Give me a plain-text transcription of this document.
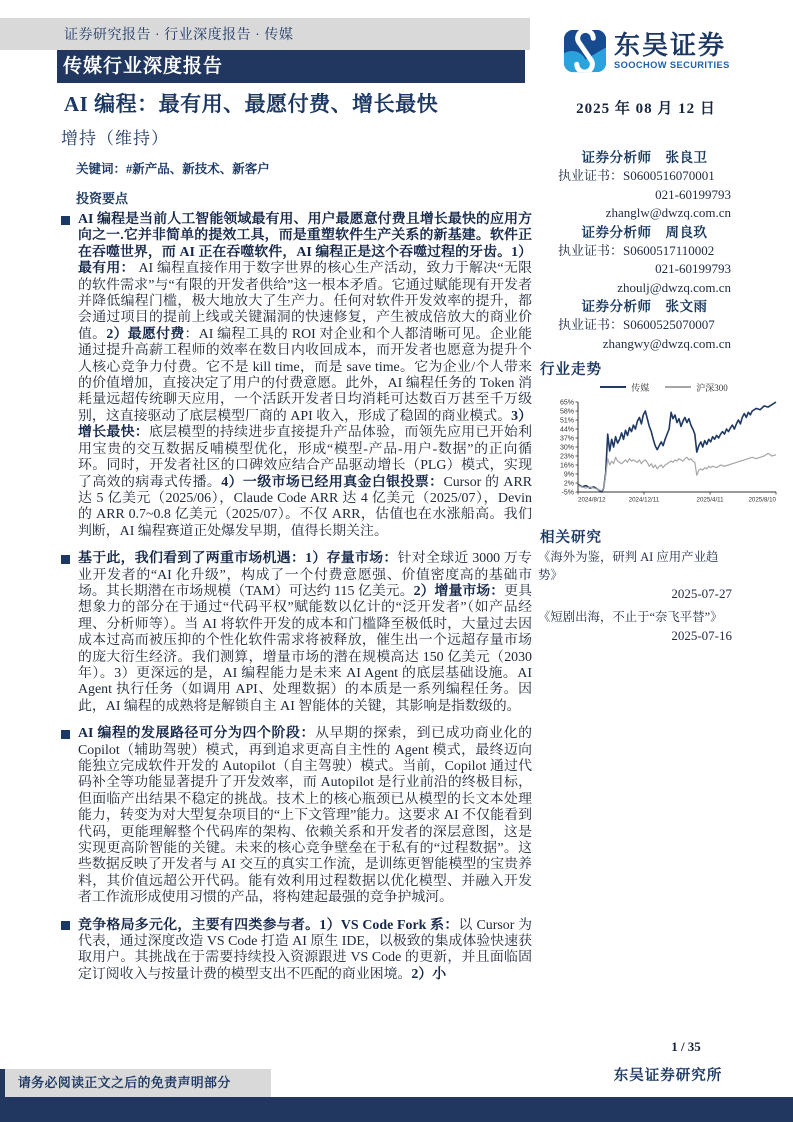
证券研究报告 · 行业深度报告 · 传媒
传媒行业深度报告
AI 编程：最有用、最愿付费、增长最快
增持（维持）
关键词：#新产品、新技术、新客户
投资要点
东吴证券
SOOCHOW SECURITIES
2025 年 08 月 12 日
证券分析师　张良卫
执业证书：S0600516070001
021-60199793
zhanglw@dwzq.com.cn
证券分析师　周良玖
执业证书：S0600517110002
021-60199793
zhoulj@dwzq.com.cn
证券分析师　张文雨
执业证书：S0600525070007
zhangwy@dwzq.com.cn
行业走势
传媒	沪深300
65%
58%
51%
44%
37%
30%
23%
16%
9%
2%
-5%
2024/8/12	2024/12/11	2025/4/11	2025/8/10
相关研究
《海外为鉴，研判 AI 应用产业趋势》
2025-07-27
《短剧出海，不止于“奈飞平替”》
2025-07-16

AI 编程是当前人工智能领域最有用、用户最愿意付费且增长最快的应用方向之一.它并非简单的提效工具，而是重塑软件生产关系的新基建。软件正在吞噬世界，而 AI 正在吞噬软件，AI 编程正是这个吞噬过程的牙齿。1）最有用： AI 编程直接作用于数字世界的核心生产活动，致力于解决“无限的软件需求”与“有限的开发者供给”这一根本矛盾。它通过赋能现有开发者并降低编程门槛，极大地放大了生产力。任何对软件开发效率的提升，都会通过项目的提前上线或关键漏洞的快速修复，产生被成倍放大的商业价值。2）最愿付费：AI 编程工具的 ROI 对企业和个人都清晰可见。企业能通过提升高薪工程师的效率在数日内收回成本，而开发者也愿意为提升个人核心竞争力付费。它不是 kill time，而是 save time。它为企业/个人带来的价值增加，直接决定了用户的付费意愿。此外，AI 编程任务的 Token 消耗量远超传统聊天应用，一个活跃开发者日均消耗可达数百万甚至千万级别，这直接驱动了底层模型厂商的 API 收入，形成了稳固的商业模式。3）增长最快：底层模型的持续进步直接提升产品体验，而领先应用已开始利用宝贵的交互数据反哺模型优化，形成“模型-产品-用户-数据”的正向循环。同时，开发者社区的口碑效应结合产品驱动增长（PLG）模式，实现了高效的病毒式传播。4）一级市场已经用真金白银投票：Cursor 的 ARR 达 5 亿美元（2025/06），Claude Code ARR 达 4 亿美元（2025/07），Devin 的 ARR 0.7~0.8 亿美元（2025/07）。不仅 ARR，估值也在水涨船高。我们判断，AI 编程赛道正处爆发早期，值得长期关注。

基于此，我们看到了两重市场机遇：1）存量市场：针对全球近 3000 万专业开发者的“AI 化升级”，构成了一个付费意愿强、价值密度高的基础市场。其长期潜在市场规模（TAM）可达约 115 亿美元。2）增量市场：更具想象力的部分在于通过“代码平权”赋能数以亿计的“泛开发者”（如产品经理、分析师等）。当 AI 将软件开发的成本和门槛降至极低时，大量过去因成本过高而被压抑的个性化软件需求将被释放，催生出一个远超存量市场的庞大衍生经济。我们测算，增量市场的潜在规模高达 150 亿美元（2030 年）。3）更深远的是，AI 编程能力是未来 AI Agent 的底层基础设施。AI Agent 执行任务（如调用 API、处理数据）的本质是一系列编程任务。因此，AI 编程的成熟将是解锁自主 AI 智能体的关键，其影响是指数级的。

AI 编程的发展路径可分为四个阶段：从早期的探索，到已成功商业化的 Copilot（辅助驾驶）模式，再到追求更高自主性的 Agent 模式，最终迈向能独立完成软件开发的 Autopilot（自主驾驶）模式。当前，Copilot 通过代码补全等功能显著提升了开发效率，而 Autopilot 是行业前沿的终极目标，但面临产出结果不稳定的挑战。技术上的核心瓶颈已从模型的长文本处理能力，转变为对大型复杂项目的“上下文管理”能力。这要求 AI 不仅能看到代码，更能理解整个代码库的架构、依赖关系和开发者的深层意图，这是实现更高阶智能的关键。未来的核心竞争壁垒在于私有的“过程数据”。这些数据反映了开发者与 AI 交互的真实工作流，是训练更智能模型的宝贵养料，其价值远超公开代码。能有效利用过程数据以优化模型、并融入开发者工作流形成使用习惯的产品，将构建起最强的竞争护城河。

竞争格局多元化，主要有四类参与者。1）VS Code Fork 系：以 Cursor 为代表，通过深度改造 VS Code 打造 AI 原生 IDE，以极致的集成体验快速获取用户。其挑战在于需要持续投入资源跟进 VS Code 的更新，并且面临固定订阅收入与按量计费的模型支出不匹配的商业困境。2）小

1 / 35
东吴证券研究所
请务必阅读正文之后的免责声明部分
